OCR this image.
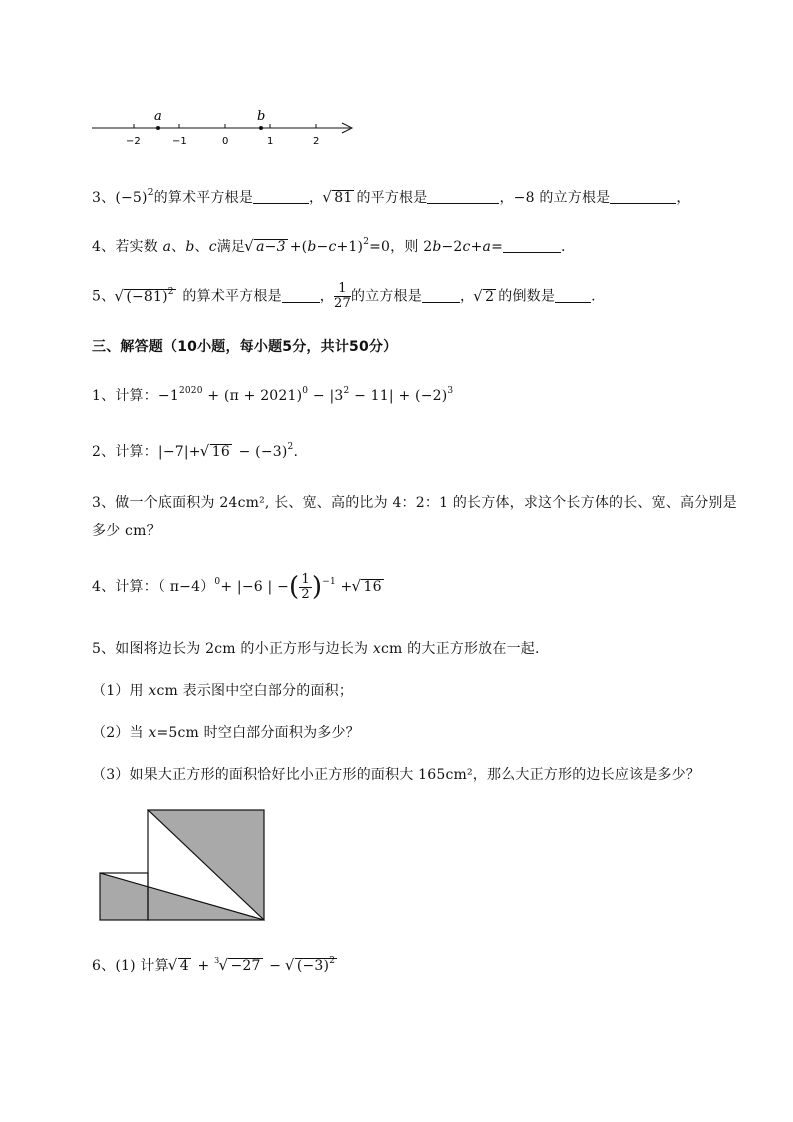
a	b
−2	−1	0	1	2
3、$(-5)^2$的算术平方根是	， √ 81 的平方根是	，−8 的立方根是	，
4、若实数 a、b、c满足 √ $a-3 +(b-c+1)^2=0$，则 2b−2c+a=	.
5、 √ $(-81)^2$ 的算术平方根是	， $\frac{1}{27}$ 的立方根是	， √ 2 的倒数是	.
三、解答题（10小题，每小题5分，共计50分）
1、计算：$-1^{2020} + (\pi + 2021)^0 - |3^2 - 11| + (-2)^3$
2、计算：|−7|+ √ $16 - (-3)^2$.
3、做一个底面积为 24cm², 长、宽、高的比为 4：2：1 的长方体，求这个长方体的长、宽、高分别是
多少 cm？
4、计算：（ π−4）$^0$+ |−6 | −( $\frac{1}{2} )^{-1}$ + √ 16
5、如图将边长为 2cm 的小正方形与边长为 xcm 的大正方形放在一起.
（1）用 xcm 表示图中空白部分的面积；
（2）当 x=5cm 时空白部分面积为多少？
（3）如果大正方形的面积恰好比小正方形的面积大 165cm²，那么大正方形的边长应该是多少？
6、(1) 计算 √ 4 + $^3$ √ −27 − √ $(-3)^2$
